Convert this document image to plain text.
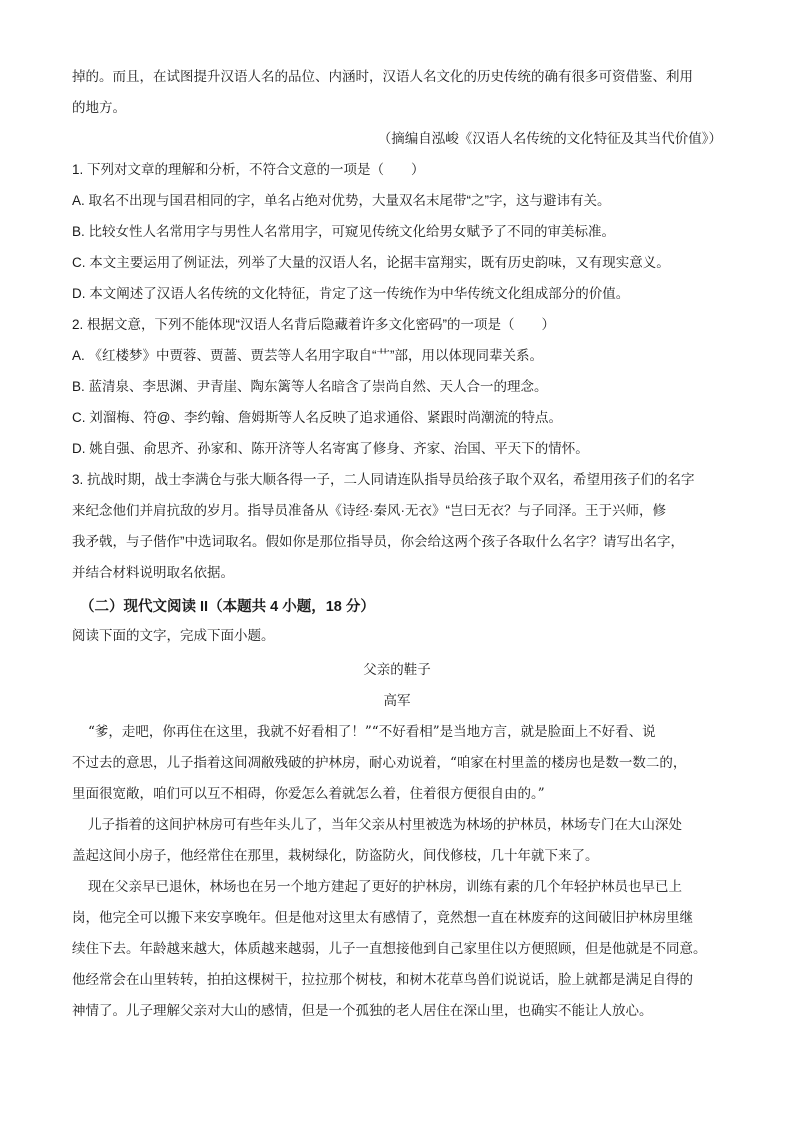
掉的。而且，在试图提升汉语人名的品位、内涵时，汉语人名文化的历史传统的确有很多可资借鉴、利用
的地方。
（摘编自泓峻《汉语人名传统的文化特征及其当代价值》）
1. 下列对文章的理解和分析，不符合文意的一项是（　　）
A. 取名不出现与国君相同的字，单名占绝对优势，大量双名末尾带“之”字，这与避讳有关。
B. 比较女性人名常用字与男性人名常用字，可窥见传统文化给男女赋予了不同的审美标准。
C. 本文主要运用了例证法，列举了大量的汉语人名，论据丰富翔实，既有历史韵味，又有现实意义。
D. 本文阐述了汉语人名传统的文化特征，肯定了这一传统作为中华传统文化组成部分的价值。
2. 根据文意，下列不能体现“汉语人名背后隐藏着许多文化密码”的一项是（　　）
A. 《红楼梦》中贾蓉、贾蔷、贾芸等人名用字取自“艹”部，用以体现同辈关系。
B. 蓝清泉、李思渊、尹青崖、陶东篱等人名暗含了崇尚自然、天人合一的理念。
C. 刘溜梅、符@、李约翰、詹姆斯等人名反映了追求通俗、紧跟时尚潮流的特点。
D. 姚自强、俞思齐、孙家和、陈开济等人名寄寓了修身、齐家、治国、平天下的情怀。
3. 抗战时期，战士李满仓与张大顺各得一子，二人同请连队指导员给孩子取个双名，希望用孩子们的名字
来纪念他们并肩抗敌的岁月。指导员准备从《诗经·秦风·无衣》“岂曰无衣？与子同泽。王于兴师，修
我矛戟，与子偕作”中选词取名。假如你是那位指导员，你会给这两个孩子各取什么名字？请写出名字，
并结合材料说明取名依据。
（二）现代文阅读 II（本题共 4 小题，18 分）
阅读下面的文字，完成下面小题。
父亲的鞋子
高军
“爹，走吧，你再住在这里，我就不好看相了！”“不好看相”是当地方言，就是脸面上不好看、说
不过去的意思，儿子指着这间凋敝残破的护林房，耐心劝说着，“咱家在村里盖的楼房也是数一数二的，
里面很宽敞，咱们可以互不相碍，你爱怎么着就怎么着，住着很方便很自由的。”
儿子指着的这间护林房可有些年头儿了，当年父亲从村里被选为林场的护林员，林场专门在大山深处
盖起这间小房子，他经常住在那里，栽树绿化，防盗防火，间伐修枝，几十年就下来了。
现在父亲早已退休，林场也在另一个地方建起了更好的护林房，训练有素的几个年轻护林员也早已上
岗，他完全可以搬下来安享晚年。但是他对这里太有感情了，竟然想一直在林废弃的这间破旧护林房里继
续住下去。年龄越来越大，体质越来越弱，儿子一直想接他到自己家里住以方便照顾，但是他就是不同意。
他经常会在山里转转，拍拍这棵树干，拉拉那个树枝，和树木花草鸟兽们说说话，脸上就都是满足自得的
神情了。儿子理解父亲对大山的感情，但是一个孤独的老人居住在深山里，也确实不能让人放心。
